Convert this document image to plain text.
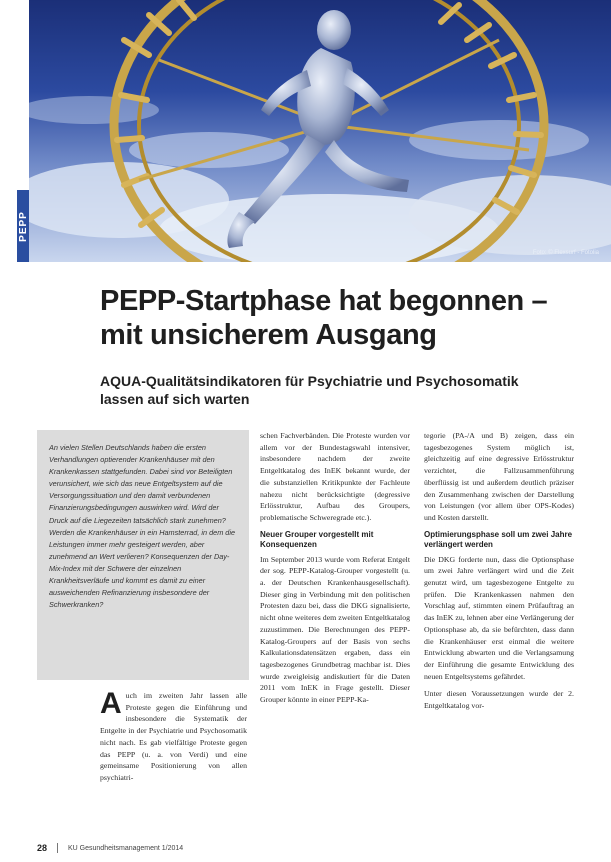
Foto: © Flexsurf - Fotolia
PEPP
PEPP-Startphase hat begonnen –
mit unsicherem Ausgang
AQUA-Qualitätsindikatoren für Psychiatrie und Psychosomatik lassen auf sich warten

An vielen Stellen Deutschlands haben die ersten Verhandlungen optierender Krankenhäuser mit den Krankenkassen stattgefunden. Dabei sind vor Beteiligten verunsichert, wie sich das neue Entgeltsystem auf die Versorgungssituation und den damit verbundenen Finanzierungsbedingungen auswirken wird. Wird der Druck auf die Liegezeiten tatsächlich stark zunehmen? Werden die Krankenhäuser in ein Hamsterrad, in dem die Leistungen immer mehr gesteigert werden, aber zunehmend an Wert verlieren? Konsequenzen der Day-Mix-Index mit der Schwere der einzelnen Krankheitsverläufe und kommt es damit zu einer ausweichenden Refinanzierung insbesondere der Schwerkranken?

Auch im zweiten Jahr lassen alle Proteste gegen die Einführung und insbesondere die Systematik der Entgelte in der Psychiatrie und Psychosomatik nicht nach. Es gab vielfältige Proteste gegen das PEPP (u. a. von Verdi) und eine gemeinsame Positionierung von allen psychiatri-

schen Fachverbänden. Die Proteste wurden vor allem vor der Bundestagswahl intensiver, insbesondere nachdem der zweite Entgeltkatalog des InEK bekannt wurde, der die substanziellen Kritikpunkte der Fachleute nahezu nicht berücksichtigte (degressive Erlösstruktur, Aufbau des Groupers, problematische Schweregrade etc.).

Neuer Grouper vorgestellt mit Konsequenzen

Im September 2013 wurde vom Referat Entgelt der sog. PEPP-Katalog-Grouper vorgestellt (u. a. der Deutschen Krankenhausgesellschaft). Dieser ging in Verbindung mit den politischen Protesten dazu bei, dass die DKG signalisierte, nicht ohne weiteres dem zweiten Entgeltkatalog zuzustimmen. Die Berechnungen des PEPP-Katalog-Groupers auf der Basis von sechs Kalkulationsdatensätzen ergaben, dass ein tagesbezogenes Grundbetrag machbar ist. Dies wurde zweigleisig andiskutiert für die Daten 2011 vom InEK in Frage gestellt. Dieser Grouper könnte in einer PEPP-Ka-

tegorie (PA-/A und B) zeigen, dass ein tagesbezogenes System möglich ist, gleichzeitig auf eine degressive Erlösstruktur verzichtet, die Fallzusammenführung überflüssig ist und außerdem deutlich präziser den Zusammenhang zwischen der Darstellung von Leistungen (vor allem über OPS-Kodes) und Kosten darstellt.

Optimierungsphase soll um zwei Jahre verlängert werden

Die DKG forderte nun, dass die Optionsphase um zwei Jahre verlängert wird und die Zeit genutzt wird, um tagesbezogene Entgelte zu prüfen. Die Krankenkassen nahmen den Vorschlag auf, stimmten einem Prüfauftrag an das InEK zu, lehnen aber eine Verlängerung der Optionsphase ab, da sie befürchten, dass dann die Krankenhäuser erst einmal die weitere Entwicklung abwarten und die Verlangsamung der Einführung die gesamte Entwicklung des neuen Entgeltsystems gefährdet.

Unter diesen Voraussetzungen wurde der 2. Entgeltkatalog vor-

28	KU Gesundheitsmanagement 1/2014
